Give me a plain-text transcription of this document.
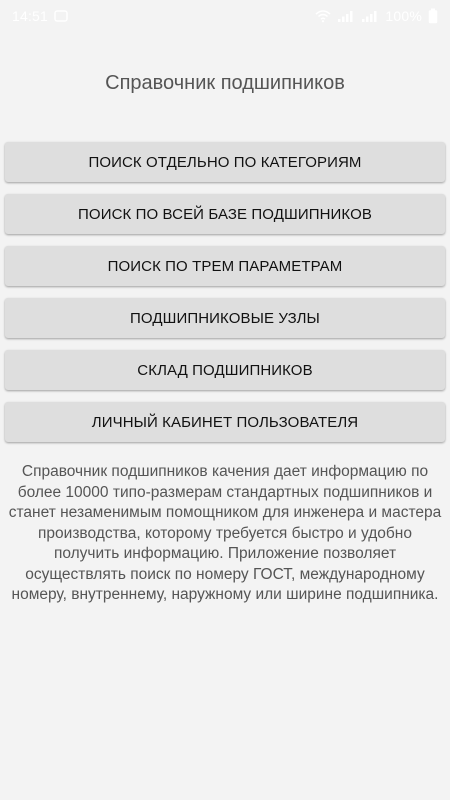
14:51	100%
Справочник подшипников
ПОИСК ОТДЕЛЬНО ПО КАТЕГОРИЯМ
ПОИСК ПО ВСЕЙ БАЗЕ ПОДШИПНИКОВ
ПОИСК ПО ТРЕМ ПАРАМЕТРАМ
ПОДШИПНИКОВЫЕ УЗЛЫ
СКЛАД ПОДШИПНИКОВ
ЛИЧНЫЙ КАБИНЕТ ПОЛЬЗОВАТЕЛЯ
Справочник подшипников качения дает информацию по более 10000 типо-размерам стандартных подшипников и станет незаменимым помощником для инженера и мастера производства, которому требуется быстро и удобно получить информацию. Приложение позволяет осуществлять поиск по номеру ГОСТ, международному номеру, внутреннему, наружному или ширине подшипника.
